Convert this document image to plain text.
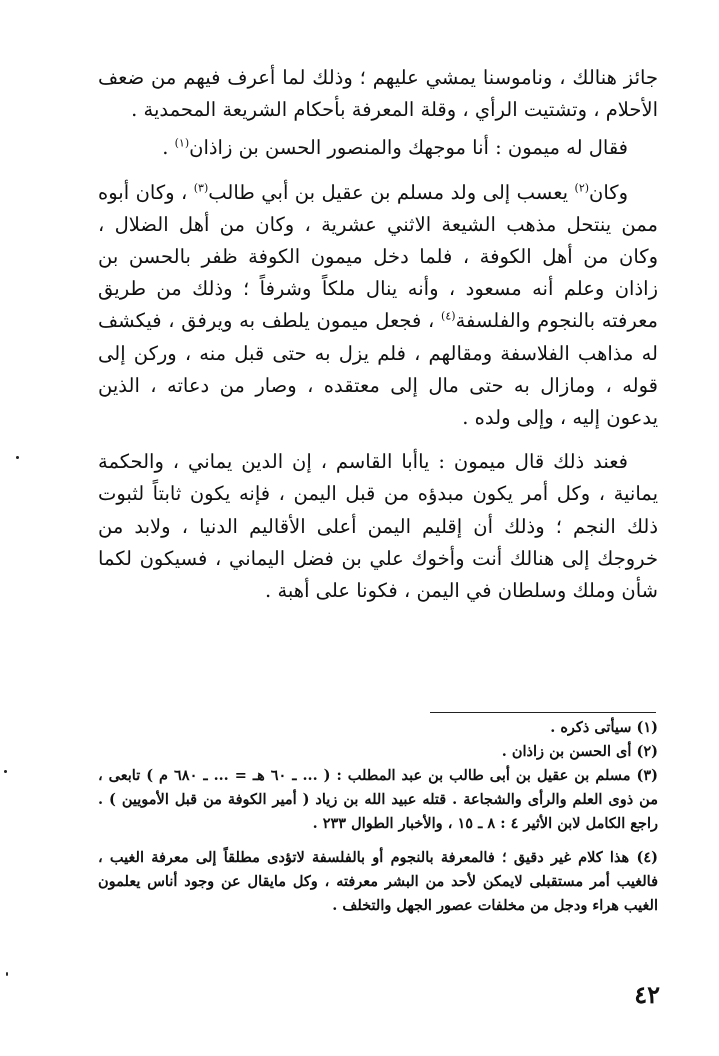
جائز هنالك ، وناموسنا يمشي عليهم ؛ وذلك لما أعرف فيهم من ضعف الأحلام ، وتشتيت الرأي ، وقلة المعرفة بأحكام الشريعة المحمدية .

فقال له ميمون : أنا موجهك والمنصور الحسن بن زاذان$^{(١)}$ .

وكان$^{(٢)}$ يعسب إلى ولد مسلم بن عقيل بن أبي طالب$^{(٣)}$ ، وكان أبوه ممن ينتحل مذهب الشيعة الاثني عشرية ، وكان من أهل الضلال ، وكان من أهل الكوفة ، فلما دخل ميمون الكوفة ظفر بالحسن بن زاذان وعلم أنه مسعود ، وأنه ينال ملكاً وشرفاً ؛ وذلك من طريق معرفته بالنجوم والفلسفة$^{(٤)}$ ، فجعل ميمون يلطف به ويرفق ، فيكشف له مذاهب الفلاسفة ومقالهم ، فلم يزل به حتى قبل منه ، وركن إلى قوله ، ومازال به حتى مال إلى معتقده ، وصار من دعاته ، الذين يدعون إليه ، وإلى ولده .

فعند ذلك قال ميمون : ياأبا القاسم ، إن الدين يماني ، والحكمة يمانية ، وكل أمر يكون مبدؤه من قبل اليمن ، فإنه يكون ثابتاً لثبوت ذلك النجم ؛ وذلك أن إقليم اليمن أعلى الأقاليم الدنيا ، ولابد من خروجك إلى هنالك أنت وأخوك علي بن فضل اليماني ، فسيكون لكما شأن وملك وسلطان في اليمن ، فكونا على أهبة .

(١) سيأتى ذكره .

(٢) أى الحسن بن زاذان .

(٣) مسلم بن عقيل بن أبى طالب بن عبد المطلب : ( ... ـ ٦٠ هـ = ... ـ ٦٨٠ م ) تابعى ، من ذوى العلم والرأى والشجاعة . قتله عبيد الله بن زياد ( أمير الكوفة من قبل الأمويين ) . راجع الكامل لابن الأثير ٤ : ٨ ـ ١٥ ، والأخبار الطوال ٢٣٣ .

(٤) هذا كلام غير دقيق ؛ فالمعرفة بالنجوم أو بالفلسفة لاتؤدى مطلقاً إلى معرفة الغيب ، فالغيب أمر مستقبلى لايمكن لأحد من البشر معرفته ، وكل مايقال عن وجود أناس يعلمون الغيب هراء ودجل من مخلفات عصور الجهل والتخلف .

٤٢
